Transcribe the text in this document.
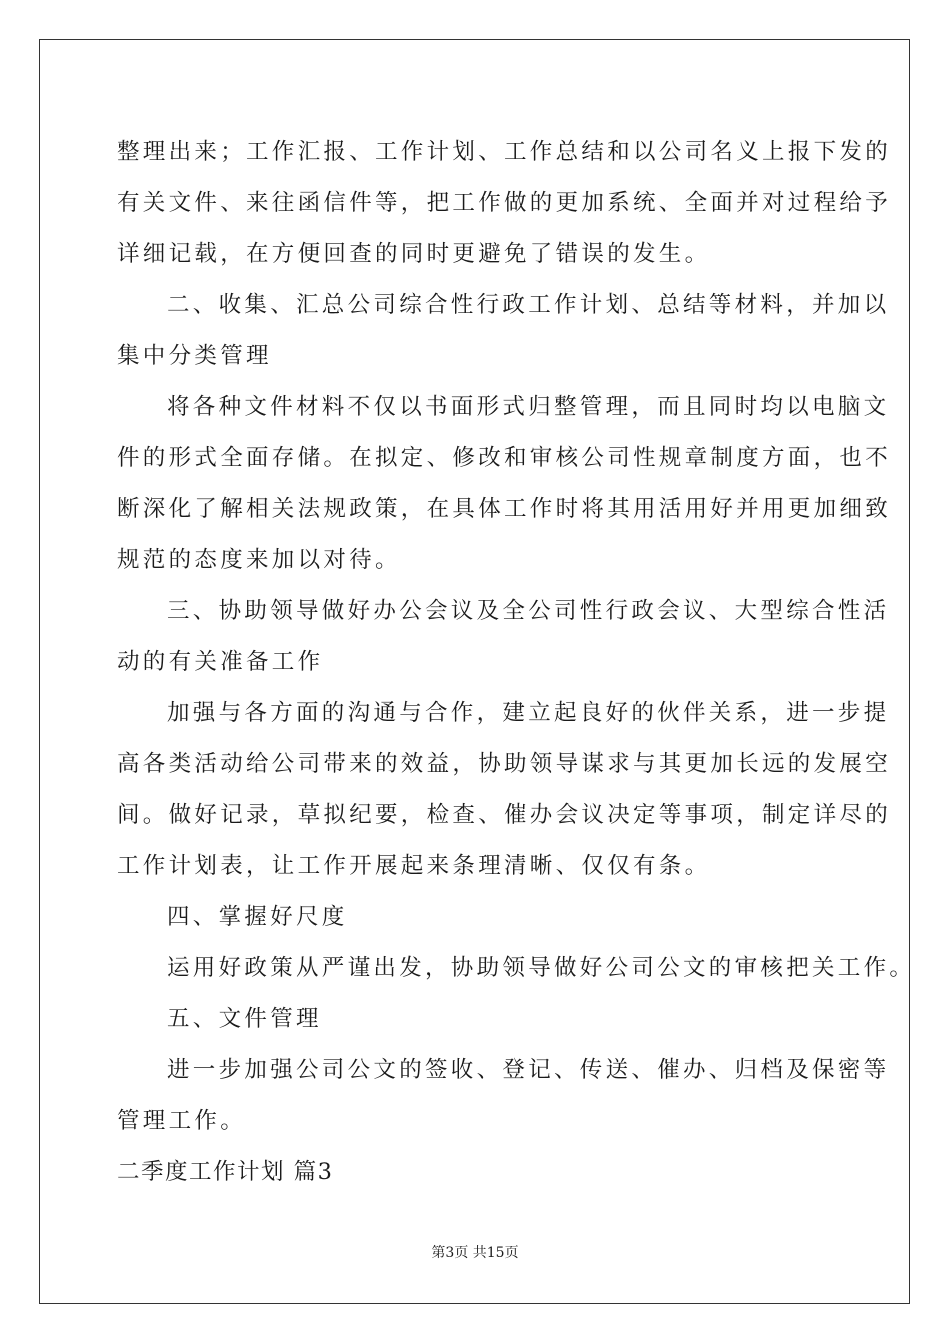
整理出来；工作汇报、工作计划、工作总结和以公司名义上报下发的
有关文件、来往函信件等，把工作做的更加系统、全面并对过程给予
详细记载，在方便回查的同时更避免了错误的发生。
二、收集、汇总公司综合性行政工作计划、总结等材料，并加以
集中分类管理
将各种文件材料不仅以书面形式归整管理，而且同时均以电脑文
件的形式全面存储。在拟定、修改和审核公司性规章制度方面，也不
断深化了解相关法规政策，在具体工作时将其用活用好并用更加细致
规范的态度来加以对待。
三、协助领导做好办公会议及全公司性行政会议、大型综合性活
动的有关准备工作
加强与各方面的沟通与合作，建立起良好的伙伴关系，进一步提
高各类活动给公司带来的效益，协助领导谋求与其更加长远的发展空
间。做好记录，草拟纪要，检查、催办会议决定等事项，制定详尽的
工作计划表，让工作开展起来条理清晰、仅仅有条。
四、掌握好尺度
运用好政策从严谨出发，协助领导做好公司公文的审核把关工作。
五、文件管理
进一步加强公司公文的签收、登记、传送、催办、归档及保密等
管理工作。
二季度工作计划 篇3
第3页 共15页
